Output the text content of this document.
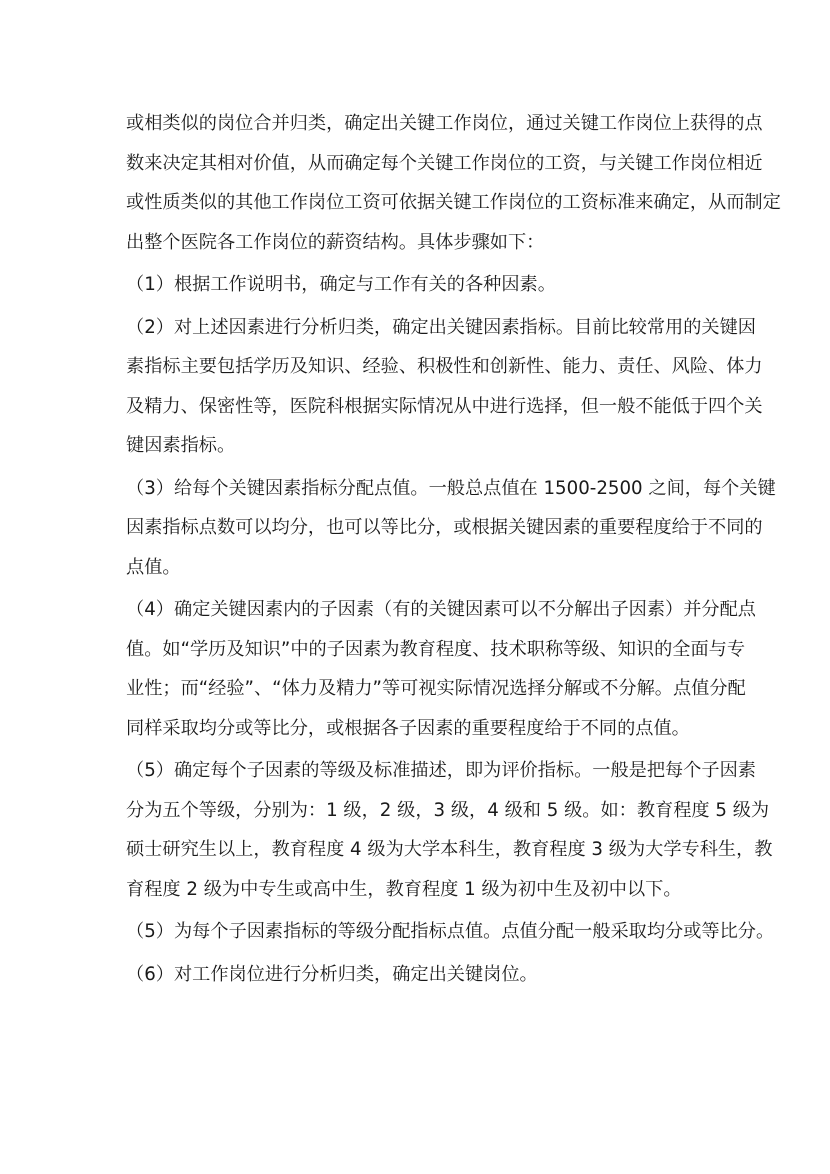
或相类似的岗位合并归类，确定出关键工作岗位，通过关键工作岗位上获得的点
数来决定其相对价值，从而确定每个关键工作岗位的工资，与关键工作岗位相近
或性质类似的其他工作岗位工资可依据关键工作岗位的工资标准来确定，从而制定
出整个医院各工作岗位的薪资结构。具体步骤如下：
（1）根据工作说明书，确定与工作有关的各种因素。
（2）对上述因素进行分析归类，确定出关键因素指标。目前比较常用的关键因
素指标主要包括学历及知识、经验、积极性和创新性、能力、责任、风险、体力
及精力、保密性等，医院科根据实际情况从中进行选择，但一般不能低于四个关
键因素指标。
（3）给每个关键因素指标分配点值。一般总点值在 1500-2500 之间，每个关键
因素指标点数可以均分，也可以等比分，或根据关键因素的重要程度给于不同的
点值。
（4）确定关键因素内的子因素（有的关键因素可以不分解出子因素）并分配点
值。如“学历及知识”中的子因素为教育程度、技术职称等级、知识的全面与专
业性；而“经验”、“体力及精力”等可视实际情况选择分解或不分解。点值分配
同样采取均分或等比分，或根据各子因素的重要程度给于不同的点值。
（5）确定每个子因素的等级及标准描述，即为评价指标。一般是把每个子因素
分为五个等级，分别为：1 级，2 级，3 级，4 级和 5 级。如：教育程度 5 级为
硕士研究生以上，教育程度 4 级为大学本科生，教育程度 3 级为大学专科生，教
育程度 2 级为中专生或高中生，教育程度 1 级为初中生及初中以下。
（5）为每个子因素指标的等级分配指标点值。点值分配一般采取均分或等比分。
（6）对工作岗位进行分析归类，确定出关键岗位。
